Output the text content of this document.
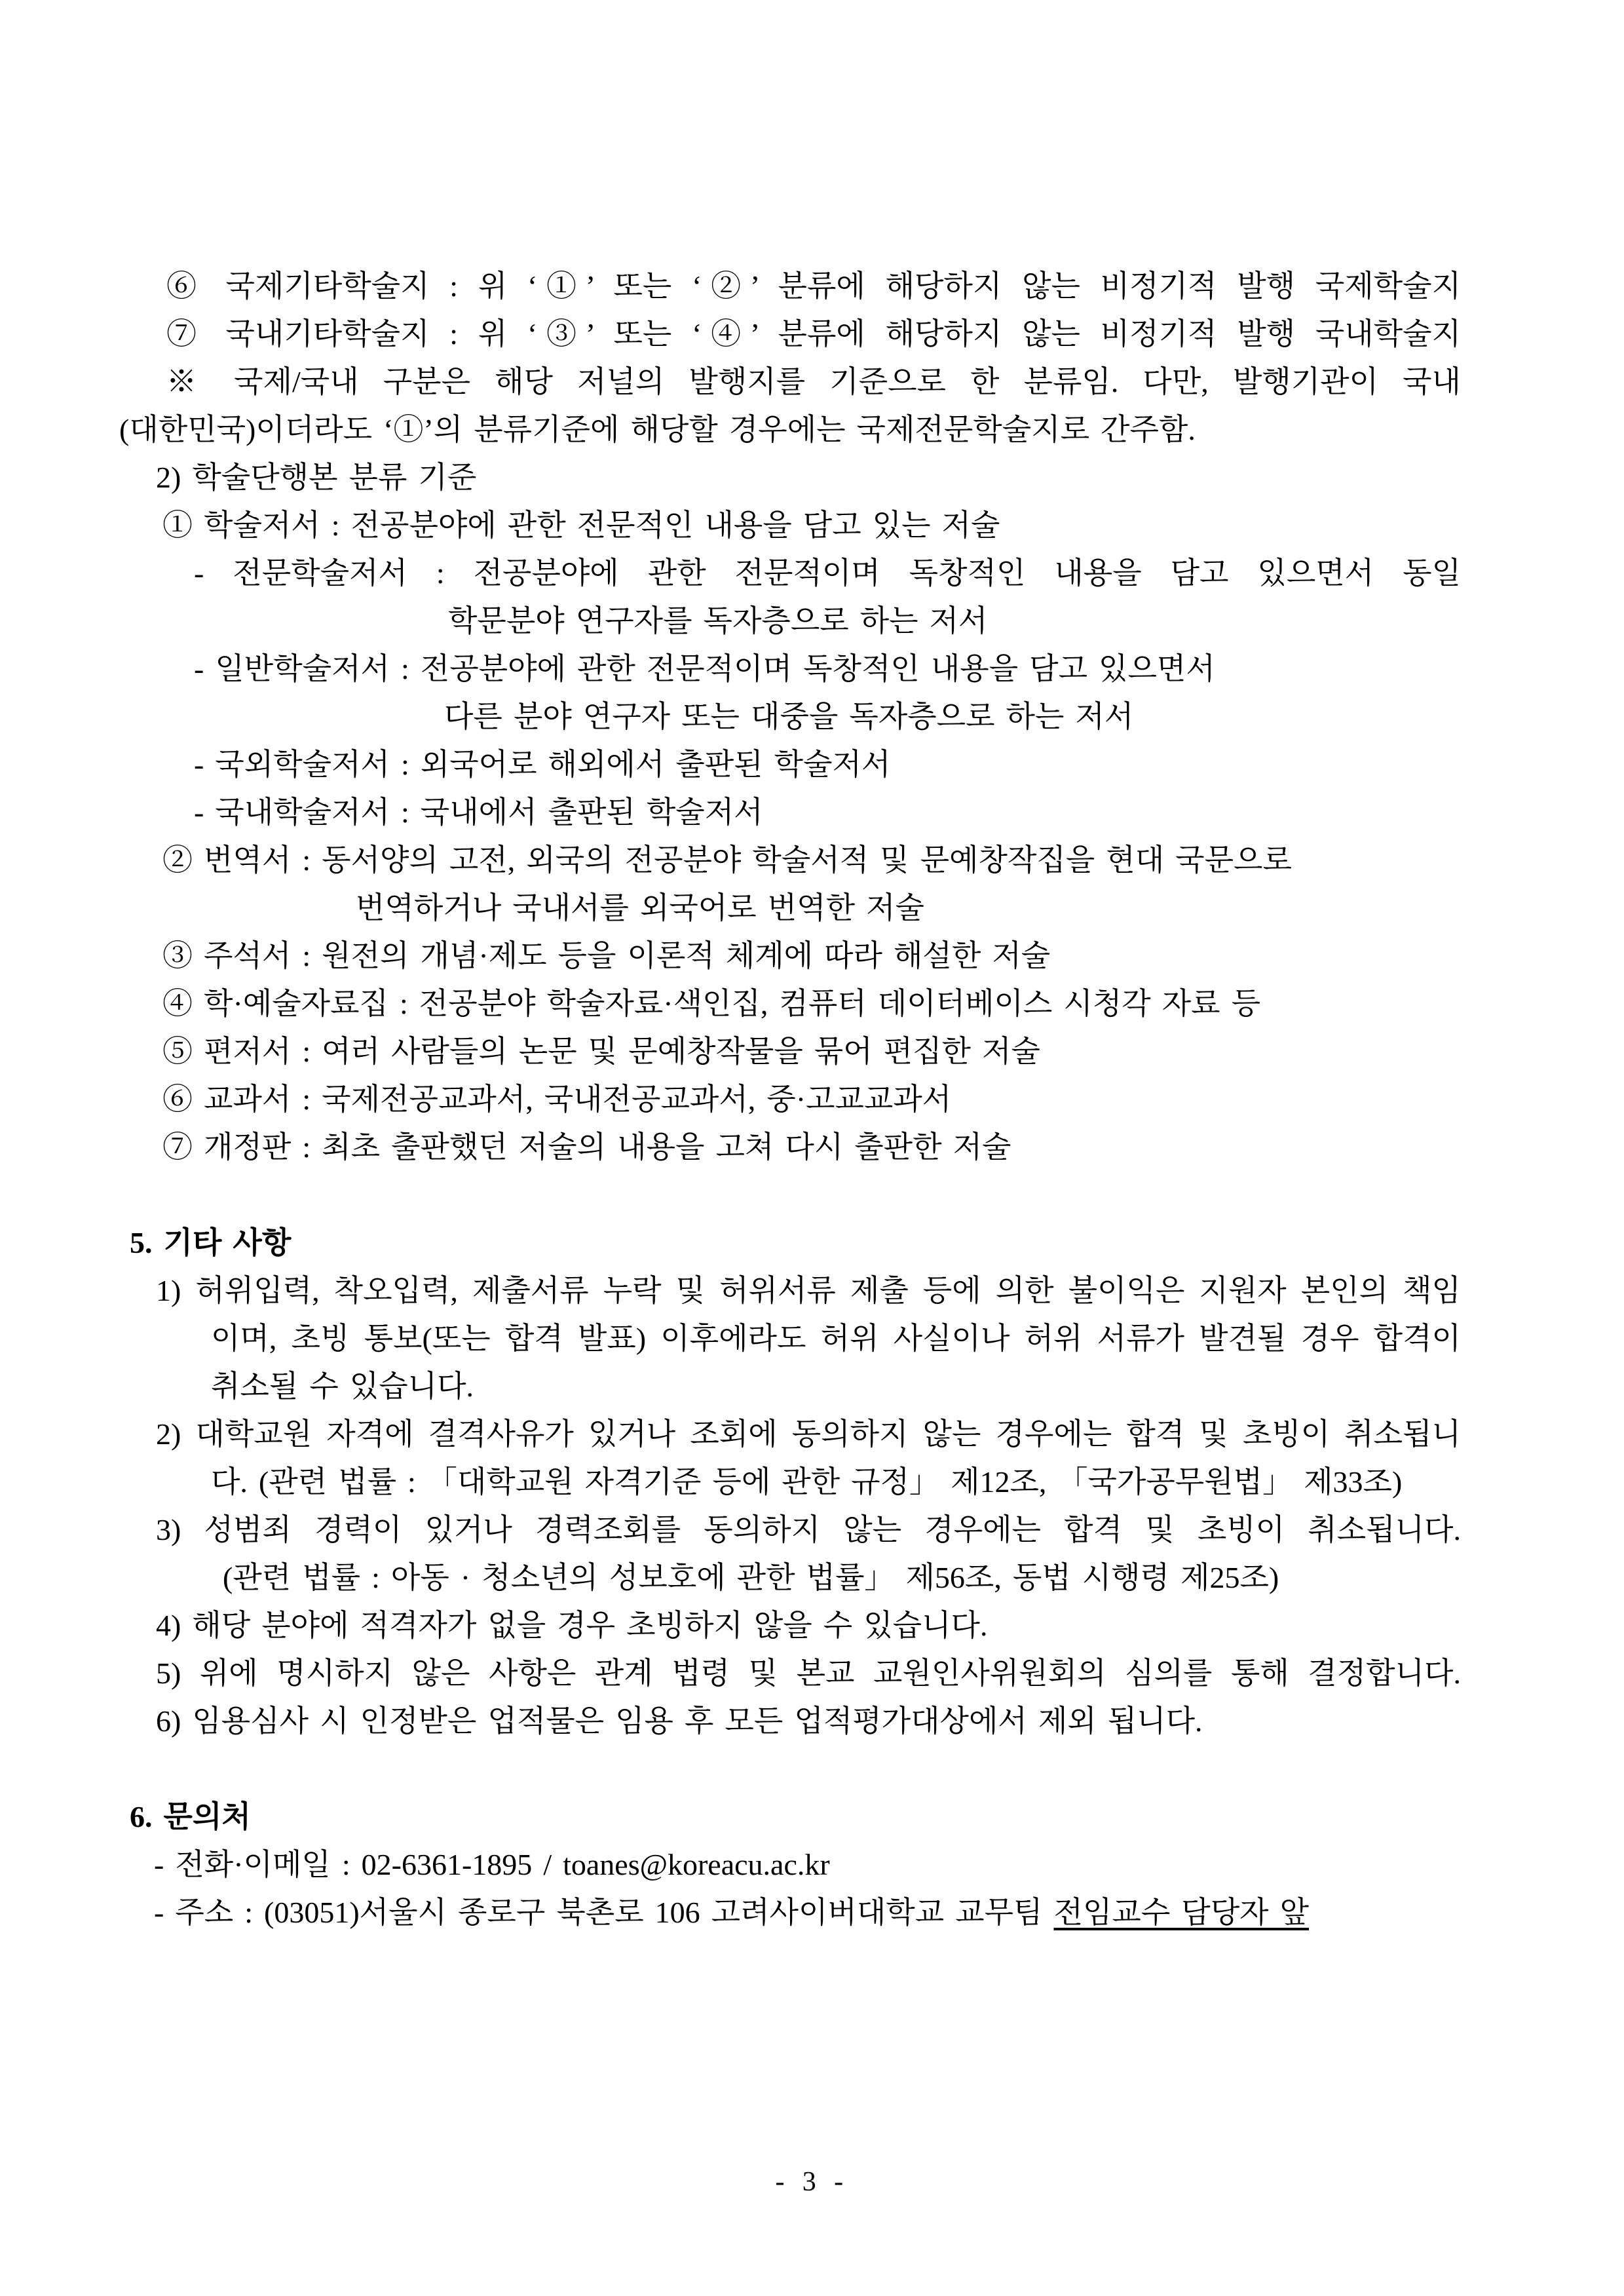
⑥ 국제기타학술지 : 위 ‘①’ 또는 ‘②’ 분류에 해당하지 않는 비정기적 발행 국제학술지
⑦ 국내기타학술지 : 위 ‘③’ 또는 ‘④’ 분류에 해당하지 않는 비정기적 발행 국내학술지
※ 국제/국내 구분은 해당 저널의 발행지를 기준으로 한 분류임. 다만, 발행기관이 국내
(대한민국)이더라도 ‘①’의 분류기준에 해당할 경우에는 국제전문학술지로 간주함.
2) 학술단행본 분류 기준
① 학술저서 : 전공분야에 관한 전문적인 내용을 담고 있는 저술
- 전문학술저서 : 전공분야에 관한 전문적이며 독창적인 내용을 담고 있으면서 동일
학문분야 연구자를 독자층으로 하는 저서
- 일반학술저서 : 전공분야에 관한 전문적이며 독창적인 내용을 담고 있으면서
다른 분야 연구자 또는 대중을 독자층으로 하는 저서
- 국외학술저서 : 외국어로 해외에서 출판된 학술저서
- 국내학술저서 : 국내에서 출판된 학술저서
② 번역서 : 동서양의 고전, 외국의 전공분야 학술서적 및 문예창작집을 현대 국문으로
번역하거나 국내서를 외국어로 번역한 저술
③ 주석서 : 원전의 개념·제도 등을 이론적 체계에 따라 해설한 저술
④ 학·예술자료집 : 전공분야 학술자료·색인집, 컴퓨터 데이터베이스 시청각 자료 등
⑤ 편저서 : 여러 사람들의 논문 및 문예창작물을 묶어 편집한 저술
⑥ 교과서 : 국제전공교과서, 국내전공교과서, 중·고교교과서
⑦ 개정판 : 최초 출판했던 저술의 내용을 고쳐 다시 출판한 저술
5. 기타 사항
1) 허위입력, 착오입력, 제출서류 누락 및 허위서류 제출 등에 의한 불이익은 지원자 본인의 책임
이며, 초빙 통보(또는 합격 발표) 이후에라도 허위 사실이나 허위 서류가 발견될 경우 합격이
취소될 수 있습니다.
2) 대학교원 자격에 결격사유가 있거나 조회에 동의하지 않는 경우에는 합격 및 초빙이 취소됩니
다. (관련 법률 : 「대학교원 자격기준 등에 관한 규정」 제12조, 「국가공무원법」 제33조)
3) 성범죄 경력이 있거나 경력조회를 동의하지 않는 경우에는 합격 및 초빙이 취소됩니다.
(관련 법률 : 아동 · 청소년의 성보호에 관한 법률」 제56조, 동법 시행령 제25조)
4) 해당 분야에 적격자가 없을 경우 초빙하지 않을 수 있습니다.
5) 위에 명시하지 않은 사항은 관계 법령 및 본교 교원인사위원회의 심의를 통해 결정합니다.
6) 임용심사 시 인정받은 업적물은 임용 후 모든 업적평가대상에서 제외 됩니다.
6. 문의처
- 전화·이메일 : 02-6361-1895 / toanes@koreacu.ac.kr
- 주소 : (03051)서울시 종로구 북촌로 106 고려사이버대학교 교무팀 전임교수 담당자 앞
- 3 -
